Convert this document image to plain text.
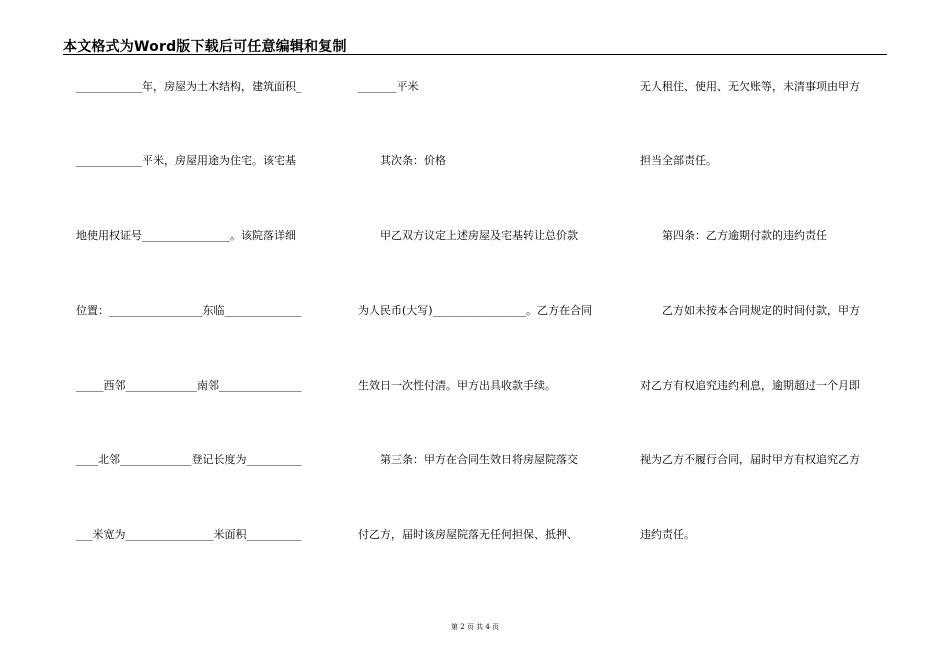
本文格式为Word版下载后可任意编辑和复制
____________年，房屋为土木结构，建筑面积_
____________平米，房屋用途为住宅。该宅基
地使用权证号________________。该院落详细
位置：_________________东临______________
_____西邻_____________南邻_______________
____北邻_____________登记长度为__________
___米宽为________________米面积__________
_______平米
　　其次条：价格
　　甲乙双方议定上述房屋及宅基转让总价款
为人民币(大写)_________________。乙方在合同
生效日一次性付清。甲方出具收款手续。
　　第三条：甲方在合同生效日将房屋院落交
付乙方，届时该房屋院落无任何担保、抵押、
无人租住、使用、无欠账等，未清事项由甲方
担当全部责任。
　　第四条：乙方逾期付款的违约责任
　　乙方如未按本合同规定的时间付款，甲方
对乙方有权追究违约利息，逾期超过一个月即
视为乙方不履行合同，届时甲方有权追究乙方
违约责任。
第 2 页 共 4 页
